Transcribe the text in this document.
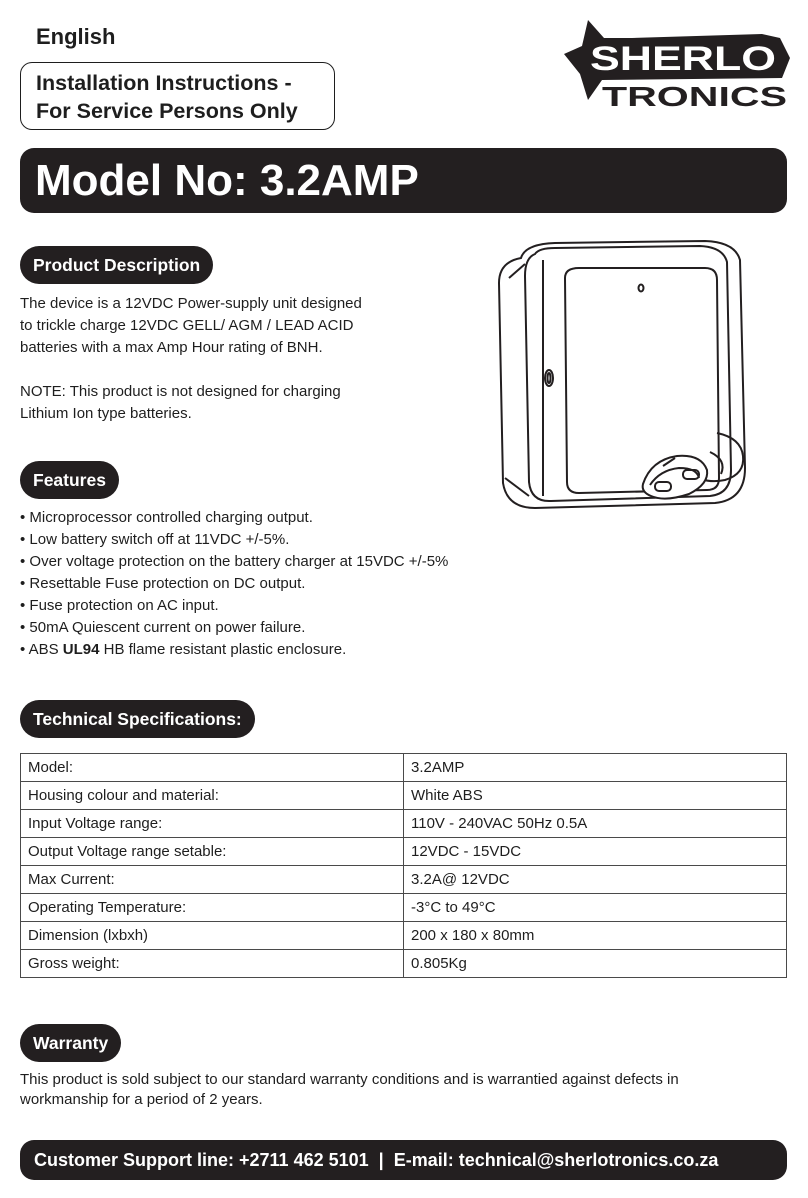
English
Installation Instructions -
For Service Persons Only
SHERLO
TRONICS
Model No: 3.2AMP
Product Description

The device is a 12VDC Power-supply unit designed

to trickle charge 12VDC GELL/ AGM / LEAD ACID

batteries with a max Amp Hour rating of BNH.

NOTE: This product is not designed for charging

Lithium Ion type batteries.

Features
• Microprocessor controlled charging output.
• Low battery switch off at 11VDC +/-5%.
• Over voltage protection on the battery charger at 15VDC +/-5%
• Resettable Fuse protection on DC output.
• Fuse protection on AC input.
• 50mA Quiescent current on power failure.
• ABS UL94 HB flame resistant plastic enclosure.
Technical Specifications:
Model:	3.2AMP
Housing colour and material:	White ABS
Input Voltage range:	110V - 240VAC 50Hz 0.5A
Output Voltage range setable:	12VDC - 15VDC
Max Current:	3.2A@ 12VDC
Operating Temperature:	-3°C to 49°C
Dimension (lxbxh)	200 x 180 x 80mm
Gross weight:	0.805Kg
Warranty

This product is sold subject to our standard warranty conditions and is warrantied against defects in
workmanship for a period of 2 years.

Customer Support line: +2711 462 5101 | E-mail: technical@sherlotronics.co.za
